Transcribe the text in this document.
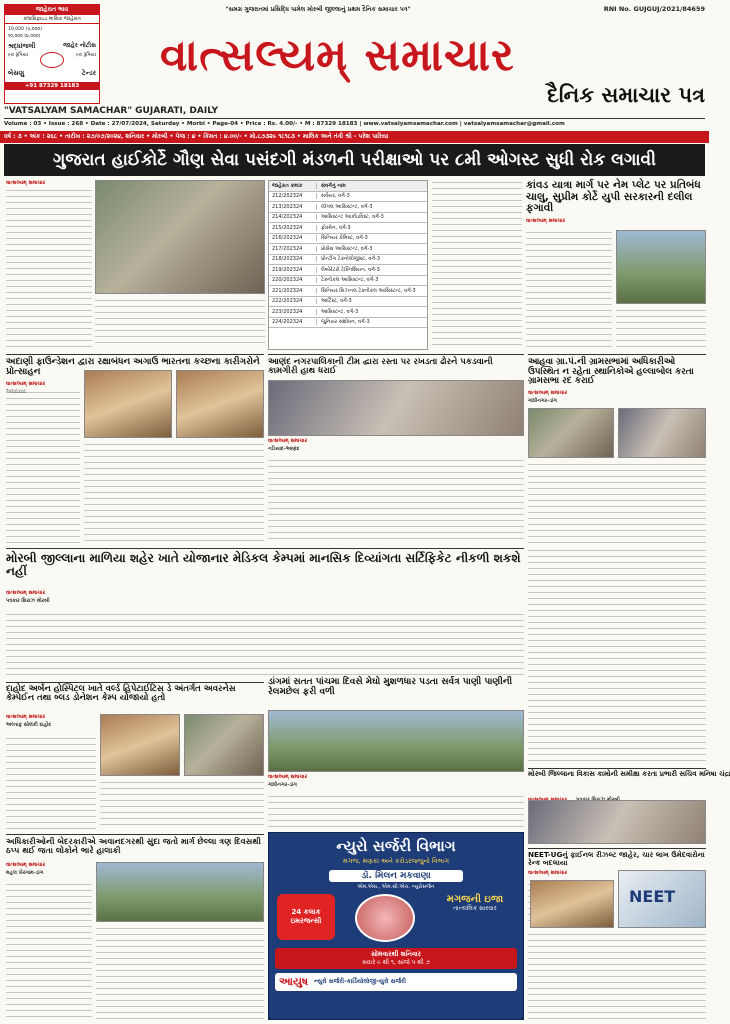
જાહેરાત ભાવ
ક્લાસિફાઇડ માસિક જાહેરાત
10,000 (૫,૦૦૦)
૧૦,૦૦૦ (૪,૦૦૦)
શ્રદ્ધાંજલી	જાહેર નોટીસ
૯૦ રૂપિયા	૯૦ રૂપિયા
બેસણુ	ટેન્ડર
+91 87329 18183
"સમગ્ર ગુજરાતમાં પ્રસિદ્ધિ પામેલ મોરબી જીલ્લાનું પ્રથમ દૈનિક સમાચાર પત્ર"	RNI No. GUJGUJ/2021/84659
વાત્સલ્યમ્ સમાચાર
દૈનિક સમાચાર પત્ર
"VATSALYAM SAMACHAR" GUJARATI, DAILY
Volume : 03 • Issue : 268 • Date : 27/07/2024, Saturday • Morbi • Page-04 • Price : Rs. 4.00/- • M : 87329 18183 | www.vatsalyamsamachar.com | vatsalyamsamachar@gmail.com
વર્ષ : ૩ • અંક : ૨૬૮ • તારીખ : ૨૭/૦૭/૨૦૨૪, શનિવાર • મોરબી • પેજ : ૪ • કિંમત : ૪.૦૦/- • મો.૮૭૩૨૯ ૧૮૧૮૩ • માલિક અને તંત્રી શ્રી - પરેશ પારિયા
ગુજરાત હાઈકોર્ટે ગૌણ સેવા પસંદગી મંડળની પરીક્ષાઓ પર ૮મી ઓગસ્ટ સુધી રોક લગાવી
વાત્સલ્યમ્ સમાચાર	જાહેરાત ક્રમાંક	સંવર્ગનું નામ
212/202324	સર્વેયર, વર્ગ-3
213/202324	લીગલ આસિસ્ટન્ટ, વર્ગ-3
214/202324	આસિસ્ટન્ટ આર્કાઇવિસ્ટ, વર્ગ-3
215/202324	ફોરમેન, વર્ગ-3
216/202324	સિનિયર કેમિસ્ટ, વર્ગ-3
217/202324	પ્રોસેસ આસિસ્ટન્ટ, વર્ગ-3
218/202324	પ્રીન્ટીંગ ટેક્નોલોજીસ્ટ, વર્ગ-3
219/202324	લેબોરેટરી ટેક્નિશિયન, વર્ગ-3
220/202324	ટેક્નીકલ આસિસ્ટન્ટ, વર્ગ-3
221/202324	સિનિયર સિઝનલ ટેક્નીકલ આસિસ્ટન્ટ, વર્ગ-3
222/202324	આર્ટિસ્ટ, વર્ગ-3
223/202324	આસિસ્ટન્ટ, વર્ગ-3
224/202324	જુનિયર સંશોધન, વર્ગ-3
કાંવડ યાત્રા માર્ગ પર નેમ પ્લેટ પર પ્રતિબંધ ચાલુ, સુપ્રીમ કોર્ટે યુપી સરકારની દલીલ ફગાવી
વાત્સલ્યમ્ સમાચાર
અદાણી ફાઉન્ડેશન દ્વારા રક્ષાબંધન અગાઉ ભારતના કચ્છના કારીગરોને પ્રોત્સાહન
વાત્સલ્યમ્ સમાચાર
આણંદ નગરપાલિકાની ટીમ દ્વારા રસ્તા પર રખડતા ઢોરને પકડવાની કામગીરી હાથ ધરાઈ
વાત્સલ્યમ્ સમાચાર
નડિયાદ-આણંદ
આહવા ગ્રા.પં.ની ગ્રામસભામાં અધિકારીઓ ઉપસ્થિત ન રહેતા સ્થાનિકોએ હલ્લાબોલ કરતા ગ્રામસભા રદ કરાઈ
વાત્સલ્યમ્ સમાચાર
ગાંધીનગર-ડાંગ
મોરબી જીલ્લાના માળિયા શહેર ખાતે યોજાનાર મેડિકલ કેમ્પમાં માનસિક દિવ્યાંગતા સર્ટિફિકેટ નીકળી શકશે નહીં
વાત્સલ્યમ્ સમાચાર
પત્રકાર સિરાઝ મોરબી
ડાંગમાં સતત પાંચમા દિવસે મેઘો મુશળધાર પડતા સર્વત્ર પાણી પાણીની રેલમછેલ ફરી વળી
વાત્સલ્યમ્ સમાચાર
ગાંધીનગર-ડાંગ
દાહોદ અર્બન હોસ્પિટલ ખાતે વર્લ્ડ હિપેટાઈટિસ ડે અંતર્ગત અવરનેસ કેમ્પેઈન તથા બ્લડ ડોનેશન કેમ્પ યોજાયો હતો
વાત્સલ્યમ્ સમાચાર
અલ્તાફ સોલંકી દાહોદ
મોરબી જિલ્લાના વિકાસ કામોની સમીક્ષા કરતા પ્રભારી સચિવ મનિષા ચંદ્રા
અધિકારીઓની બેદરકારીએ અવાનદગરથી સુંદા જતો માર્ગ છેલ્લા ત્રણ દિવસથી ઠપ્પ થઈ જતા લોકોને ભારે હાલાકી
વાત્સલ્યમ્ સમાચાર
મહલ ખેરગામ-ડાંગ
ન્યુરો સર્જરી વિભાગ
મગજ, મણકા અને કરોડરજ્જુનો વિભાગ
ડૉ. મિલન મકવાણા
એમ.એસ., એમ.સી.એચ. ન્યુરોસર્જન
24 કલાક ઇમરજન્સી
મગજની ઇજા
તાત્કાલિક સારવાર
સોમવારથી શનિવાર
સવારે ૯ થી ૧, સાંજે ૫ થી ૭
આયુષ ન્યુરો સર્જરી-કાર્ડિયોલોજી-યુરો સર્જરી
NEET-UGનું ફાઈનલ રીઝલ્ટ જાહેર, ચાર લાખ ઉમેદવારોના રેન્ક બદલાયા
વાત્સલ્યમ્ સમાચાર
NEET
